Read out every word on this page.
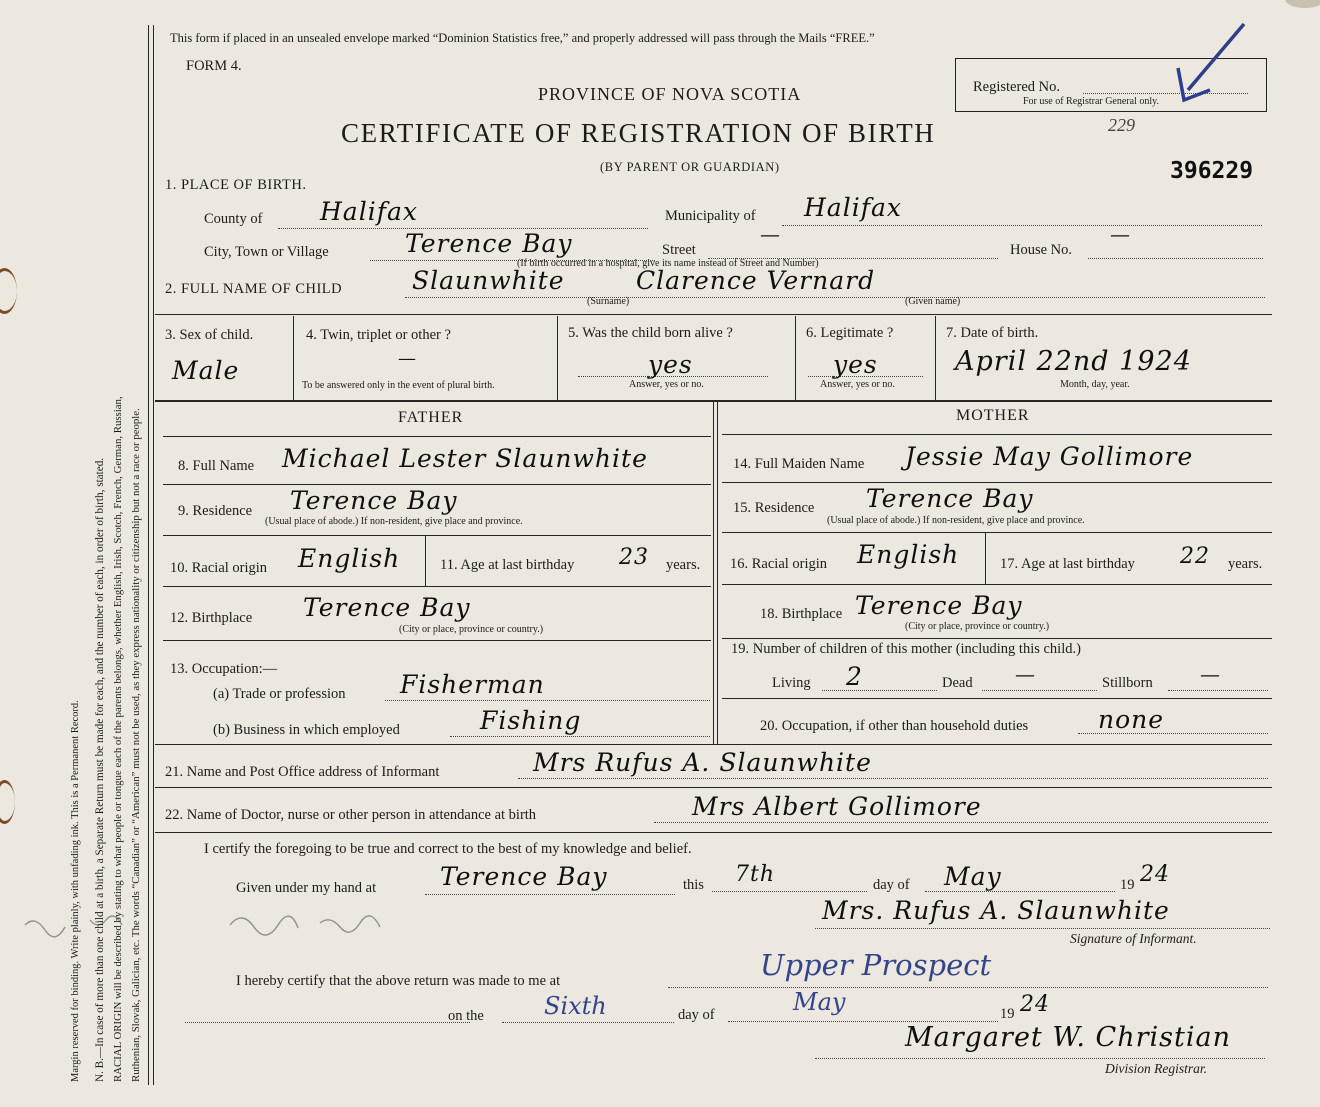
Margin reserved for binding. Write plainly, with unfading ink. This is a Permanent Record. N. B.—In case of more than one child at a birth, a Separate Return must be made for each, and the number of each, in order of birth, stated. RACIAL ORIGIN will be described by stating to what people or tongue each of the parents belongs, whether English, Irish, Scotch, French, German, Russian, Ruthenian, Slovak, Galician, etc. The words “Canadian” or “American” must not be used, as they express nationality or citizenship but not a race or people.
This form if placed in an unsealed envelope marked “Dominion Statistics free,” and properly addressed will pass through the Mails “FREE.”
FORM 4.
PROVINCE OF NOVA SCOTIA
CERTIFICATE OF REGISTRATION OF BIRTH
(BY PARENT OR GUARDIAN)
Registered No.
For use of Registrar General only.
229
396229
1. PLACE OF BIRTH.
County of Halifax	Municipality of Halifax
City, Town or Village	Terence Bay	Street
—
House No.
—
(If birth occurred in a hospital, give its name instead of Street and Number)
2. FULL NAME OF CHILD	Slaunwhite	Clarence Vernard
(Surname)	(Given name)
3. Sex of child.
Male
4. Twin, triplet or other ?
—
To be answered only in the event of plural birth.
5. Was the child born alive ?
yes
Answer, yes or no.
6. Legitimate ?
yes
Answer, yes or no.
7. Date of birth.
April 22nd 1924
Month, day, year.
FATHER	MOTHER
8. Full Name Michael Lester Slaunwhite
9. Residence Terence Bay
(Usual place of abode.) If non-resident, give place and province.
10. Racial origin English	11. Age at last birthday 23 years.
12. Birthplace Terence Bay
(City or place, province or country.)
13. Occupation:—
(a) Trade or profession Fisherman
(b) Business in which employed	Fishing
14. Full Maiden Name Jessie May Gollimore
15. Residence Terence Bay
(Usual place of abode.) If non-resident, give place and province.
16. Racial origin English	17. Age at last birthday 22 years.
18. Birthplace Terence Bay
(City or place, province or country.)
19. Number of children of this mother (including this child.)
Living 2	Dead —	Stillborn —
20. Occupation, if other than household duties	none
21. Name and Post Office address of Informant	Mrs Rufus A. Slaunwhite
22. Name of Doctor, nurse or other person in attendance at birth	Mrs Albert Gollimore
I certify the foregoing to be true and correct to the best of my knowledge and belief.
Given under my hand at	Terence Bay	this 7th	day of May	19 24
Mrs. Rufus A. Slaunwhite
Signature of Informant.
I hereby certify that the above return was made to me at	Upper Prospect
on the	Sixth	day of	May	19 24
Margaret W. Christian
Division Registrar.
